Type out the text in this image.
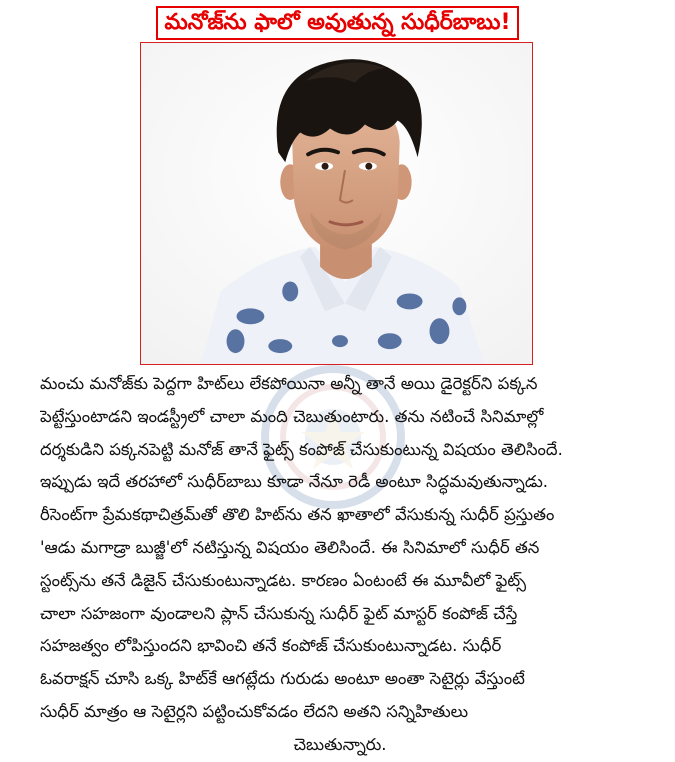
మనోజ్‌ను ఫాలో అవుతున్న సుధీర్‌బాబు!
మంచు మనోజ్‌కు పెద్దగా హిట్‌లు లేకపోయినా అన్నీ తానే అయి డైరెక్టర్‌ని పక్కన
పెట్టేస్తుంటాడని ఇండస్ట్రీలో చాలా మంది చెబుతుంటారు. తను నటించే సినిమాల్లో
దర్శకుడిని పక్కనపెట్టి మనోజ్ తానే ఫైట్స్ కంపోజ్ చేసుకుంటున్న విషయం తెలిసిందే.
ఇప్పుడు ఇదే తరహాలో సుధీర్‌బాబు కూడా నేనూ రెడీ అంటూ సిద్ధమవుతున్నాడు.
రీసెంట్‌గా ప్రేమకథాచిత్రమ్‌తో తొలి హిట్‌ను తన ఖాతాలో వేసుకున్న సుధీర్ ప్రస్తుతం
'ఆడు మగాడ్రా బుజ్జీ'లో నటిస్తున్న విషయం తెలిసిందే. ఈ సినిమాలో సుధీర్ తన
స్టంట్స్‌ను తనే డిజైన్ చేసుకుంటున్నాడట. కారణం ఏంటంటే ఈ మూవీలో ఫైట్స్
చాలా సహజంగా వుండాలని ప్లాన్ చేసుకున్న సుధీర్ ఫైట్ మాస్టర్ కంపోజ్ చేస్తే
సహజత్వం లోపిస్తుందని భావించి తనే కంపోజ్ చేసుకుంటున్నాడట. సుధీర్
ఓవరాక్షన్ చూసి ఒక్క హిట్‌కే ఆగట్లేదు గురుడు అంటూ అంతా సెటైర్లు వేస్తుంటే
సుధీర్ మాత్రం ఆ సెటైర్లని పట్టించుకోవడం లేదని అతని సన్నిహితులు
చెబుతున్నారు.
